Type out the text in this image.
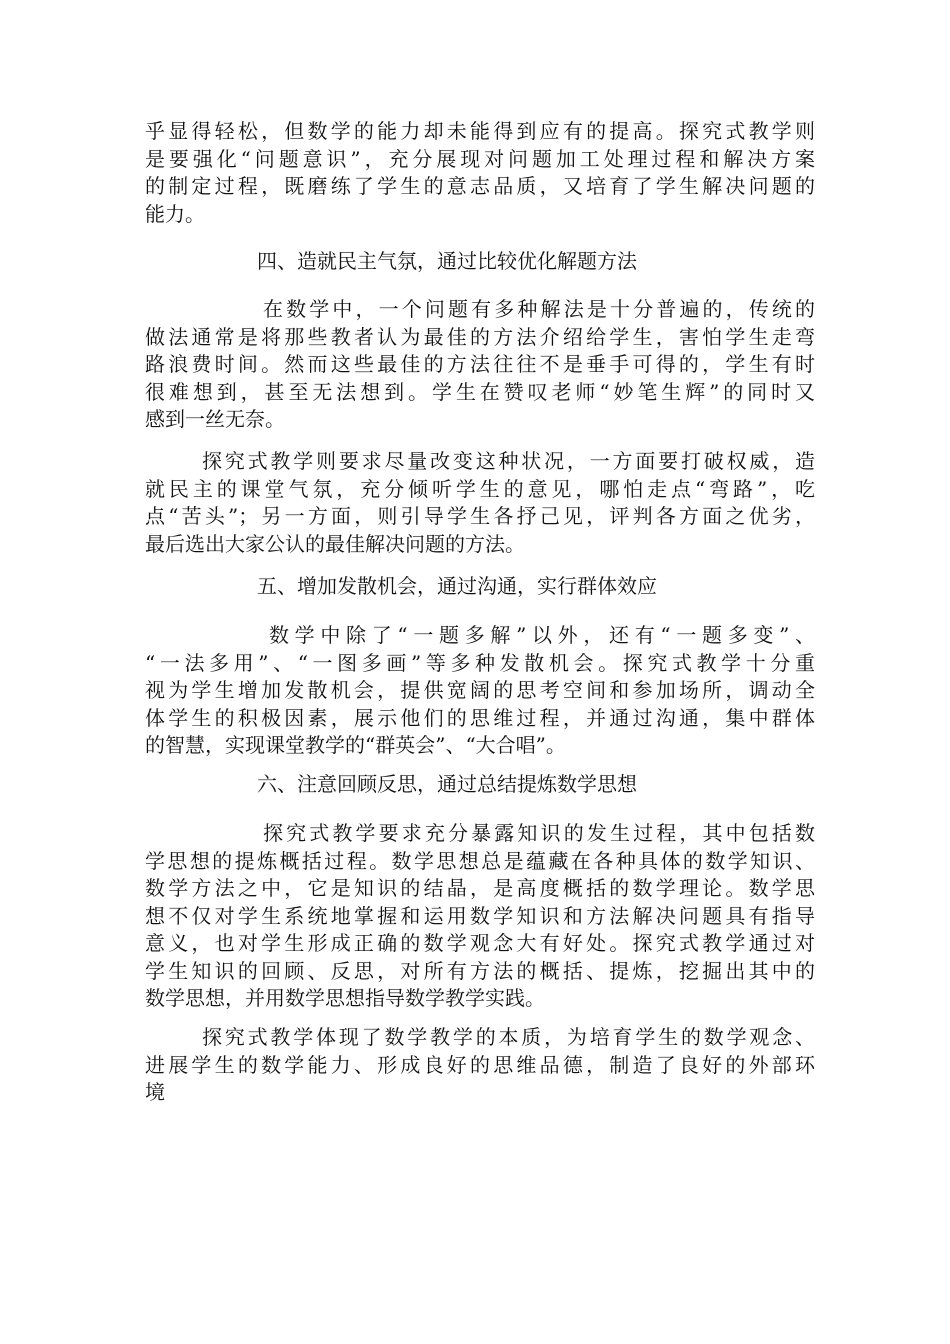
乎显得轻松，但数学的能力却未能得到应有的提高。探究式教学则
是要强化“问题意识”，充分展现对问题加工处理过程和解决方案
的制定过程，既磨练了学生的意志品质，又培育了学生解决问题的
能力。
四、造就民主气氛，通过比较优化解题方法
在数学中，一个问题有多种解法是十分普遍的，传统的
做法通常是将那些教者认为最佳的方法介绍给学生，害怕学生走弯
路浪费时间。然而这些最佳的方法往往不是垂手可得的，学生有时
很难想到，甚至无法想到。学生在赞叹老师“妙笔生辉”的同时又
感到一丝无奈。
探究式教学则要求尽量改变这种状况，一方面要打破权威，造
就民主的课堂气氛，充分倾听学生的意见，哪怕走点“弯路”，吃
点“苦头”；另一方面，则引导学生各抒己见，评判各方面之优劣，
最后选出大家公认的最佳解决问题的方法。
五、增加发散机会，通过沟通，实行群体效应
数学中除了“一题多解”以外，还有“一题多变”、
“一法多用”、“一图多画”等多种发散机会。探究式教学十分重
视为学生增加发散机会，提供宽阔的思考空间和参加场所，调动全
体学生的积极因素，展示他们的思维过程，并通过沟通，集中群体
的智慧，实现课堂教学的“群英会”、“大合唱”。
六、注意回顾反思，通过总结提炼数学思想
探究式教学要求充分暴露知识的发生过程，其中包括数
学思想的提炼概括过程。数学思想总是蕴藏在各种具体的数学知识、
数学方法之中，它是知识的结晶，是高度概括的数学理论。数学思
想不仅对学生系统地掌握和运用数学知识和方法解决问题具有指导
意义，也对学生形成正确的数学观念大有好处。探究式教学通过对
学生知识的回顾、反思，对所有方法的概括、提炼，挖掘出其中的
数学思想，并用数学思想指导数学教学实践。
探究式教学体现了数学教学的本质，为培育学生的数学观念、
进展学生的数学能力、形成良好的思维品德，制造了良好的外部环
境
